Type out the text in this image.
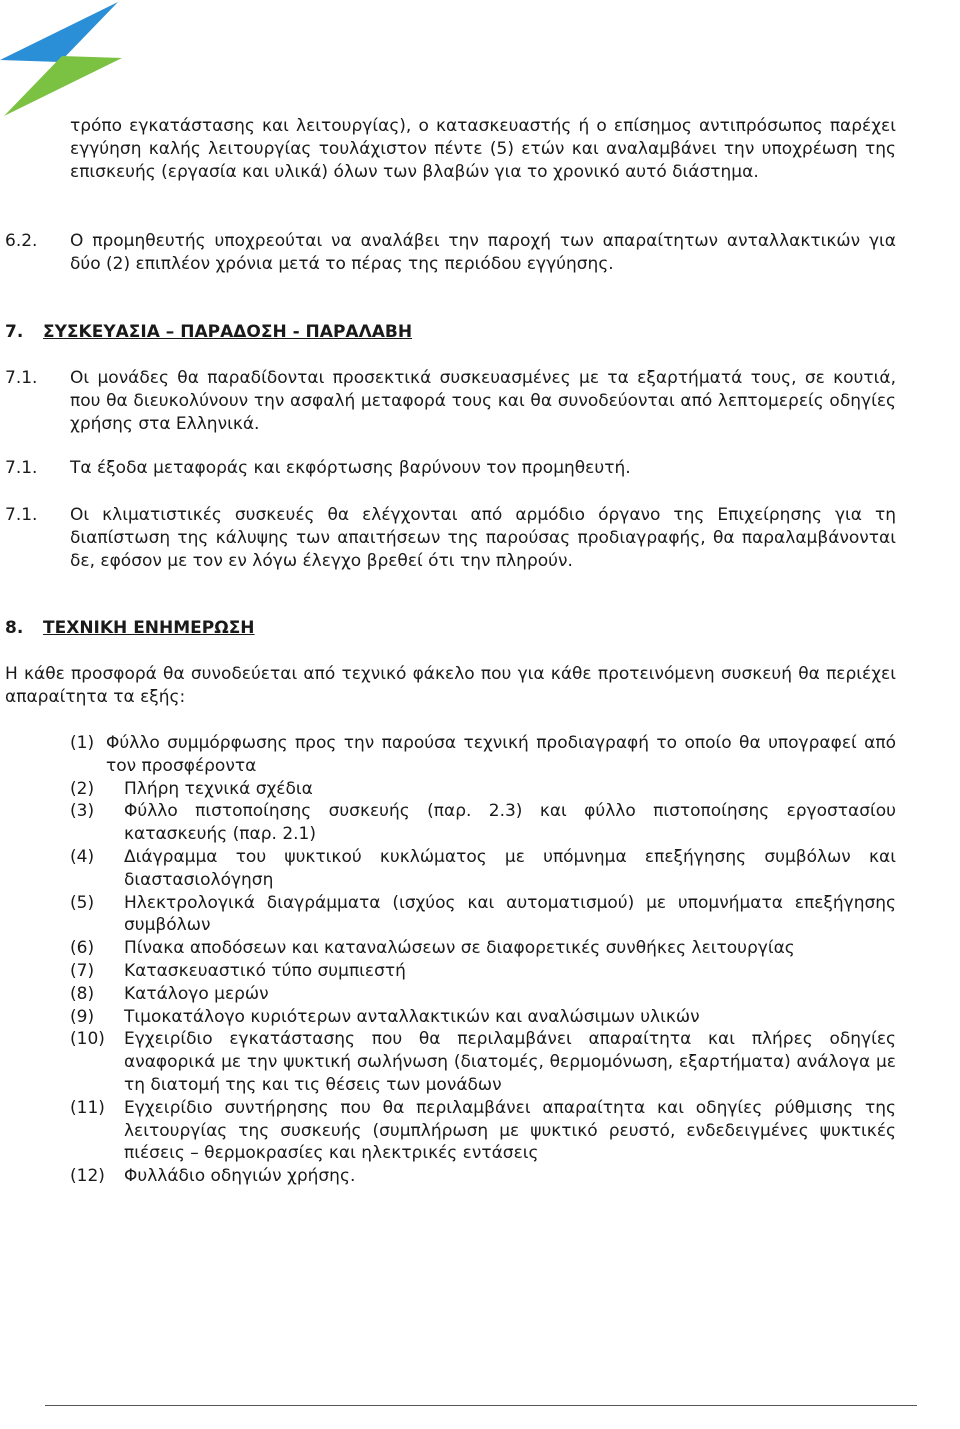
τρόπο εγκατάστασης και λειτουργίας), ο κατασκευαστής ή ο επίσημος αντιπρόσωπος παρέχει εγγύηση καλής λειτουργίας τουλάχιστον πέντε (5) ετών και αναλαμβάνει την υποχρέωση της επισκευής (εργασία και υλικά) όλων των βλαβών για το χρονικό αυτό διάστημα.
6.2.	Ο προμηθευτής υποχρεούται να αναλάβει την παροχή των απαραίτητων ανταλλακτικών για δύο (2) επιπλέον χρόνια μετά το πέρας της περιόδου εγγύησης.
7. ΣΥΣΚΕΥΑΣΙΑ – ΠΑΡΑΔΟΣΗ - ΠΑΡΑΛΑΒΗ
7.1.	Οι μονάδες θα παραδίδονται προσεκτικά συσκευασμένες με τα εξαρτήματά τους, σε κουτιά, που θα διευκολύνουν την ασφαλή μεταφορά τους και θα συνοδεύονται από λεπτομερείς οδηγίες χρήσης στα Ελληνικά.
7.1.	Τα έξοδα μεταφοράς και εκφόρτωσης βαρύνουν τον προμηθευτή.
7.1.	Οι κλιματιστικές συσκευές θα ελέγχονται από αρμόδιο όργανο της Επιχείρησης για τη διαπίστωση της κάλυψης των απαιτήσεων της παρούσας προδιαγραφής, θα παραλαμβάνονται δε, εφόσον με τον εν λόγω έλεγχο βρεθεί ότι την πληρούν.
8. ΤΕΧΝΙΚΗ ΕΝΗΜΕΡΩΣΗ
Η κάθε προσφορά θα συνοδεύεται από τεχνικό φάκελο που για κάθε προτεινόμενη συσκευή θα περιέχει απαραίτητα τα εξής:
(1) Φύλλο συμμόρφωσης προς την παρούσα τεχνική προδιαγραφή το οποίο θα υπογραφεί από τον προσφέροντα
(2) Πλήρη τεχνικά σχέδια
(3) Φύλλο πιστοποίησης συσκευής (παρ. 2.3) και φύλλο πιστοποίησης εργοστασίου κατασκευής (παρ. 2.1)
(4) Διάγραμμα του ψυκτικού κυκλώματος με υπόμνημα επεξήγησης συμβόλων και διαστασιολόγηση
(5) Ηλεκτρολογικά διαγράμματα (ισχύος και αυτοματισμού) με υπομνήματα επεξήγησης συμβόλων
(6) Πίνακα αποδόσεων και καταναλώσεων σε διαφορετικές συνθήκες λειτουργίας
(7) Κατασκευαστικό τύπο συμπιεστή
(8) Κατάλογο μερών
(9) Τιμοκατάλογο κυριότερων ανταλλακτικών και αναλώσιμων υλικών
(10) Εγχειρίδιο εγκατάστασης που θα περιλαμβάνει απαραίτητα και πλήρες οδηγίες αναφορικά με την ψυκτική σωλήνωση (διατομές, θερμομόνωση, εξαρτήματα) ανάλογα με τη διατομή της και τις θέσεις των μονάδων
(11) Εγχειρίδιο συντήρησης που θα περιλαμβάνει απαραίτητα και οδηγίες ρύθμισης της λειτουργίας της συσκευής (συμπλήρωση με ψυκτικό ρευστό, ενδεδειγμένες ψυκτικές πιέσεις – θερμοκρασίες και ηλεκτρικές εντάσεις
(12) Φυλλάδιο οδηγιών χρήσης.
